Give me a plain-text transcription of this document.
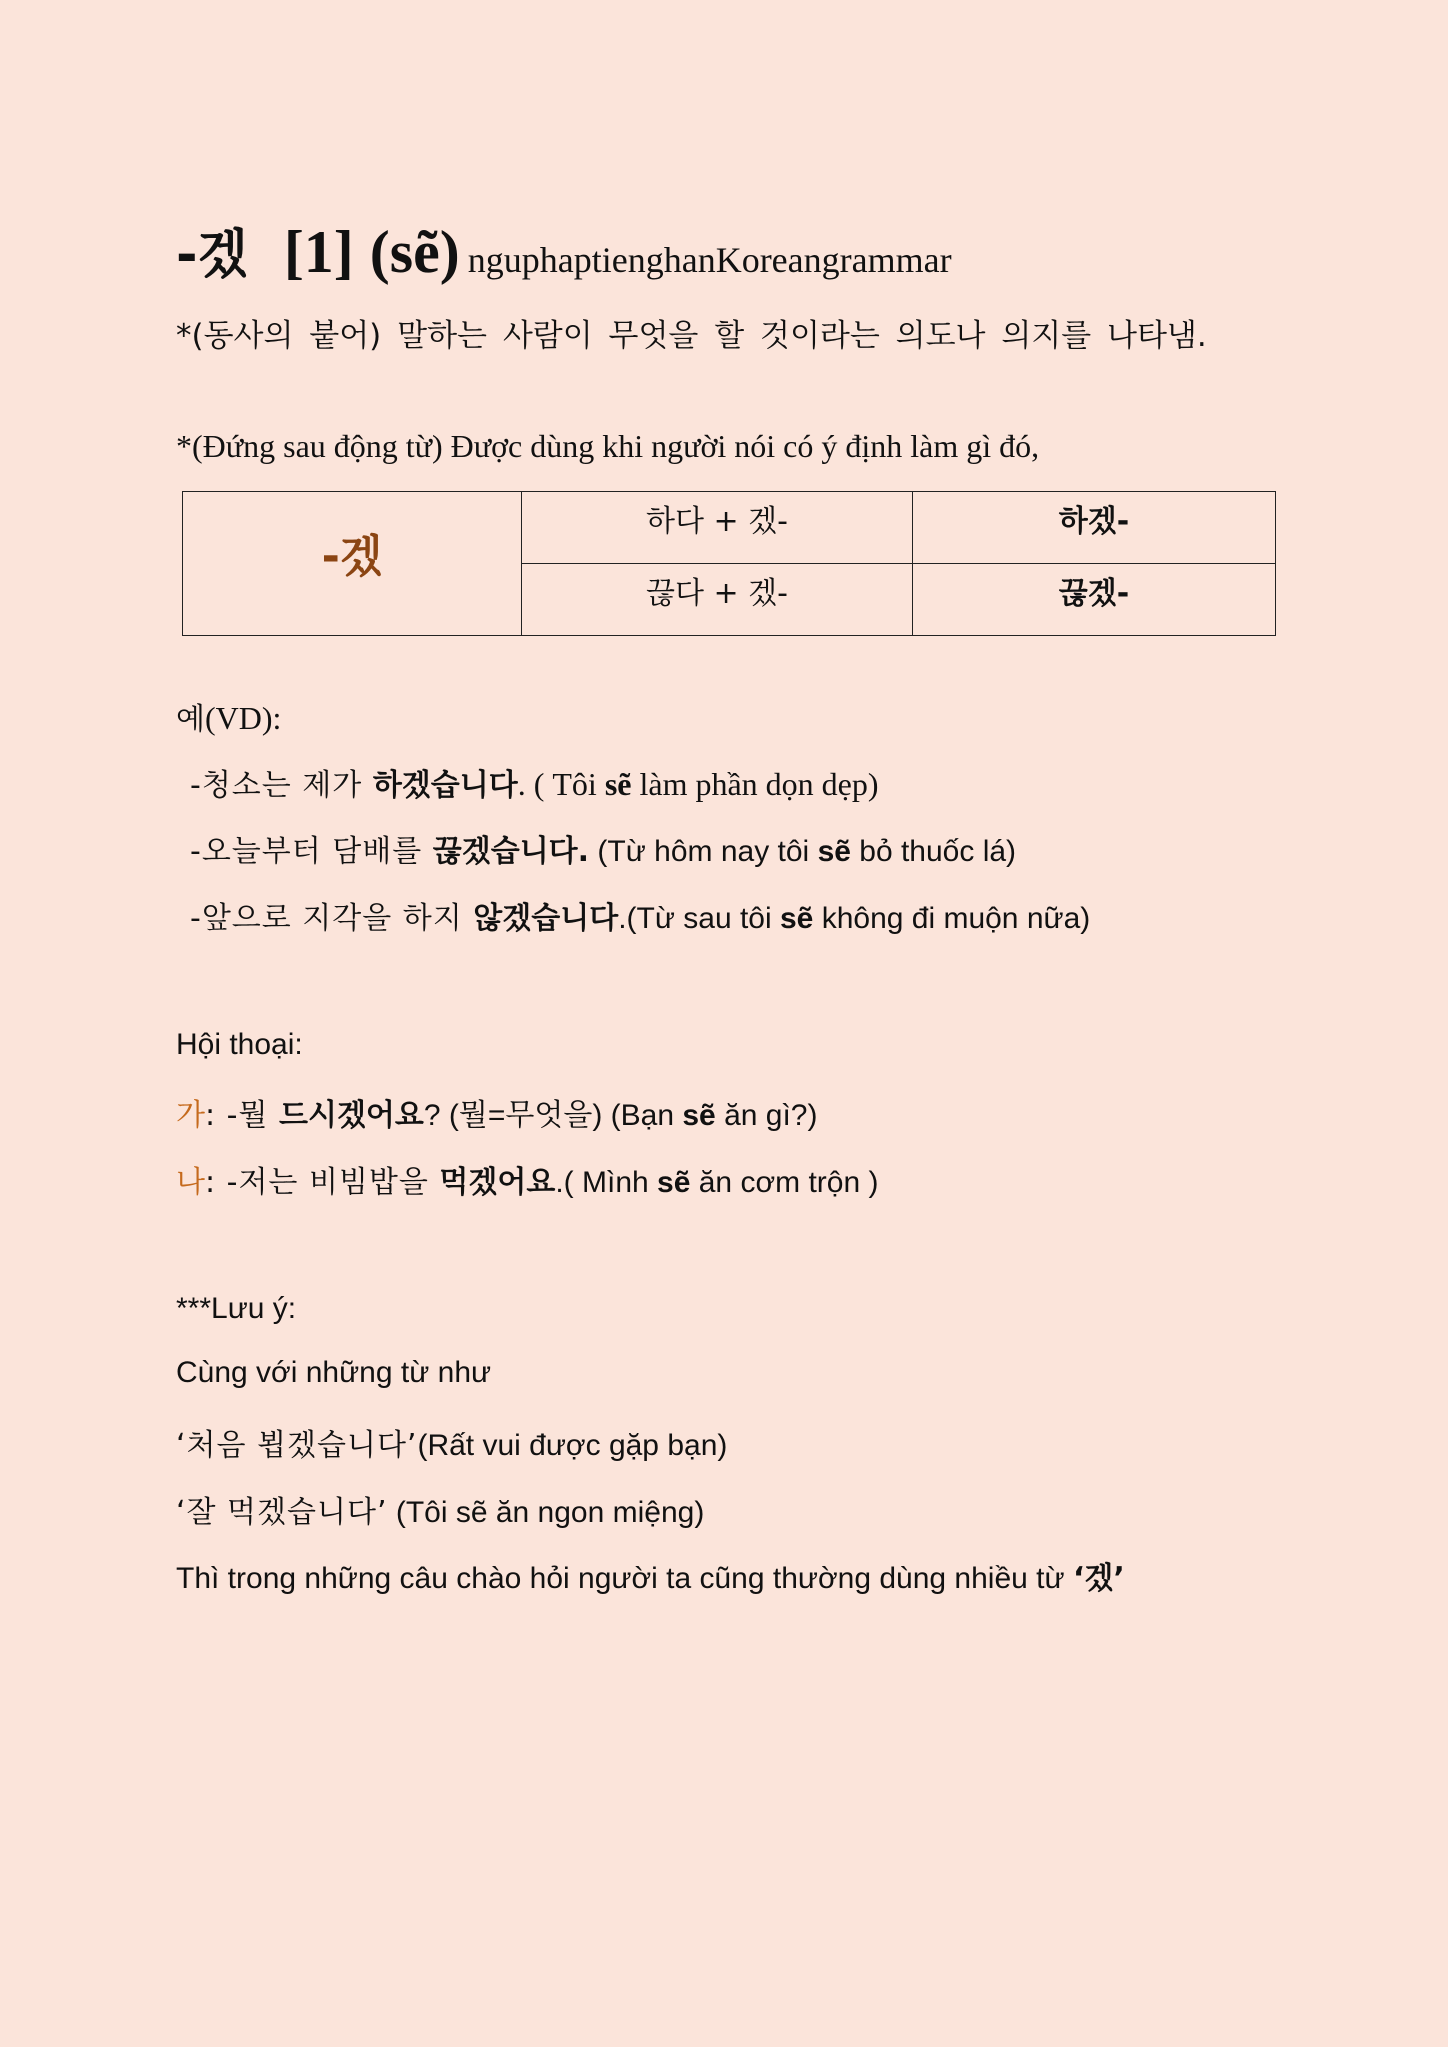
-겠 [1] (sẽ) nguphaptienghanKoreangrammar
*(동사의 붙어) 말하는 사람이 무엇을 할 것이라는 의도나 의지를 나타냄.
*(Đứng sau động từ) Được dùng khi người nói có ý định làm gì đó,
-겠	하다 + 겠-	하겠-
	끊다 + 겠-	끊겠-
예(VD):
-청소는 제가 하겠습니다. ( Tôi sẽ làm phần dọn dẹp)
-오늘부터 담배를 끊겠습니다. (Từ hôm nay tôi sẽ bỏ thuốc lá)
-앞으로 지각을 하지 않겠습니다.(Từ sau tôi sẽ không đi muộn nữa)
Hội thoại:
가: -뭘 드시겠어요? (뭘=무엇을) (Bạn sẽ ăn gì?)
나: -저는 비빔밥을 먹겠어요.( Mình sẽ ăn cơm trộn )
***Lưu ý:
Cùng với những từ như
‘처음 뵙겠습니다’(Rất vui được gặp bạn)
‘잘 먹겠습니다’ (Tôi sẽ ăn ngon miệng)
Thì trong những câu chào hỏi người ta cũng thường dùng nhiều từ ‘겠’
